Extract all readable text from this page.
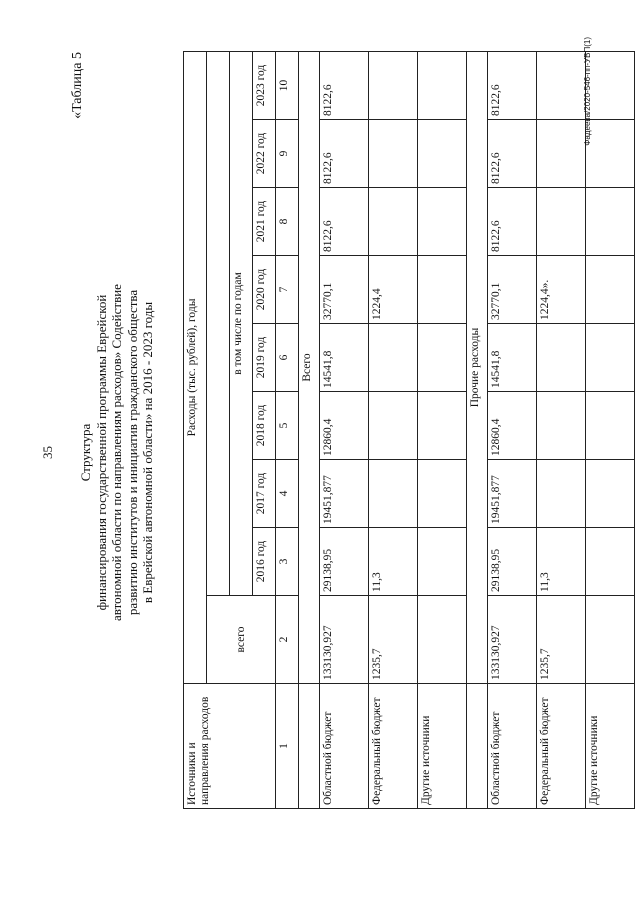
35
«Таблица 5
Структура финансирования государственной программы Еврейской автономной области по направлениям расходов» Содействие развитию институтов и инициатив гражданского общества в Еврейской автономной области» на 2016 - 2023 годы
Источники и направления расходов	Расходы (тыс. рублей), годы								
	всего								
		в том числе по годам							
		2016 год	2017 год	2018 год	2019 год	2020 год	2021 год	2022 год	2023 год
1	2	3	4	5	6	7	8	9	10
	Всего								
Областной бюджет	133130,927	29138,95	19451,877	12860,4	14541,8	32770,1	8122,6	8122,6	8122,6
Федеральный бюджет	1235,7	11,3				1224,4			
Другие источники									
	Прочие расходы								
Областной бюджет	133130,927	29138,95	19451,877	12860,4	14541,8	32770,1	8122,6	8122,6	8122,6
Федеральный бюджет	1235,7	11,3				1224,4».			
Другие источники									
Фадеева/2020-546-пп-УВП(1)
